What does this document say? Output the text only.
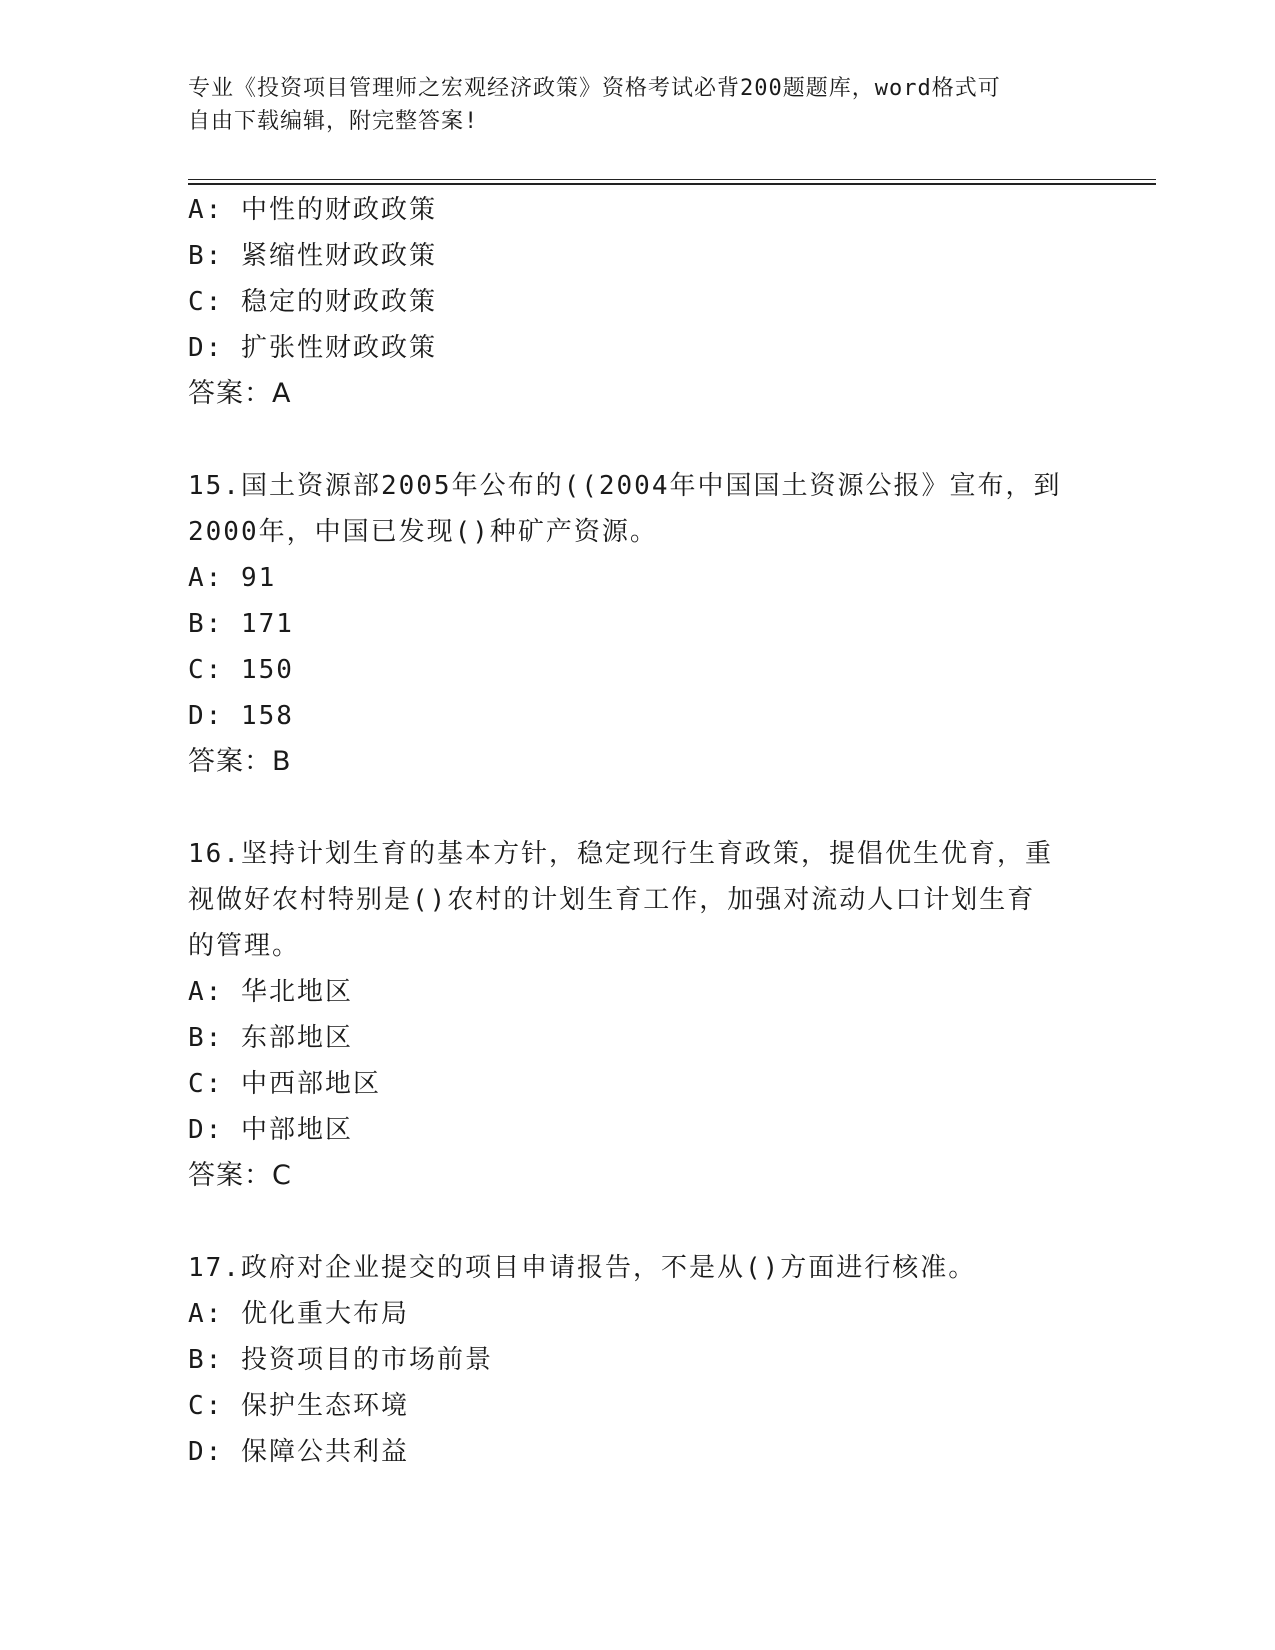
专业《投资项目管理师之宏观经济政策》资格考试必背200题题库，word格式可
自由下载编辑，附完整答案!
A: 中性的财政政策
B: 紧缩性财政政策
C: 稳定的财政政策
D: 扩张性财政政策
答案：A
15.国土资源部2005年公布的((2004年中国国土资源公报》宣布，到
2000年，中国已发现()种矿产资源。
A: 91
B: 171
C: 150
D: 158
答案：B
16.坚持计划生育的基本方针，稳定现行生育政策，提倡优生优育，重
视做好农村特别是()农村的计划生育工作，加强对流动人口计划生育
的管理。
A: 华北地区
B: 东部地区
C: 中西部地区
D: 中部地区
答案：C
17.政府对企业提交的项目申请报告，不是从()方面进行核准。
A: 优化重大布局
B: 投资项目的市场前景
C: 保护生态环境
D: 保障公共利益
